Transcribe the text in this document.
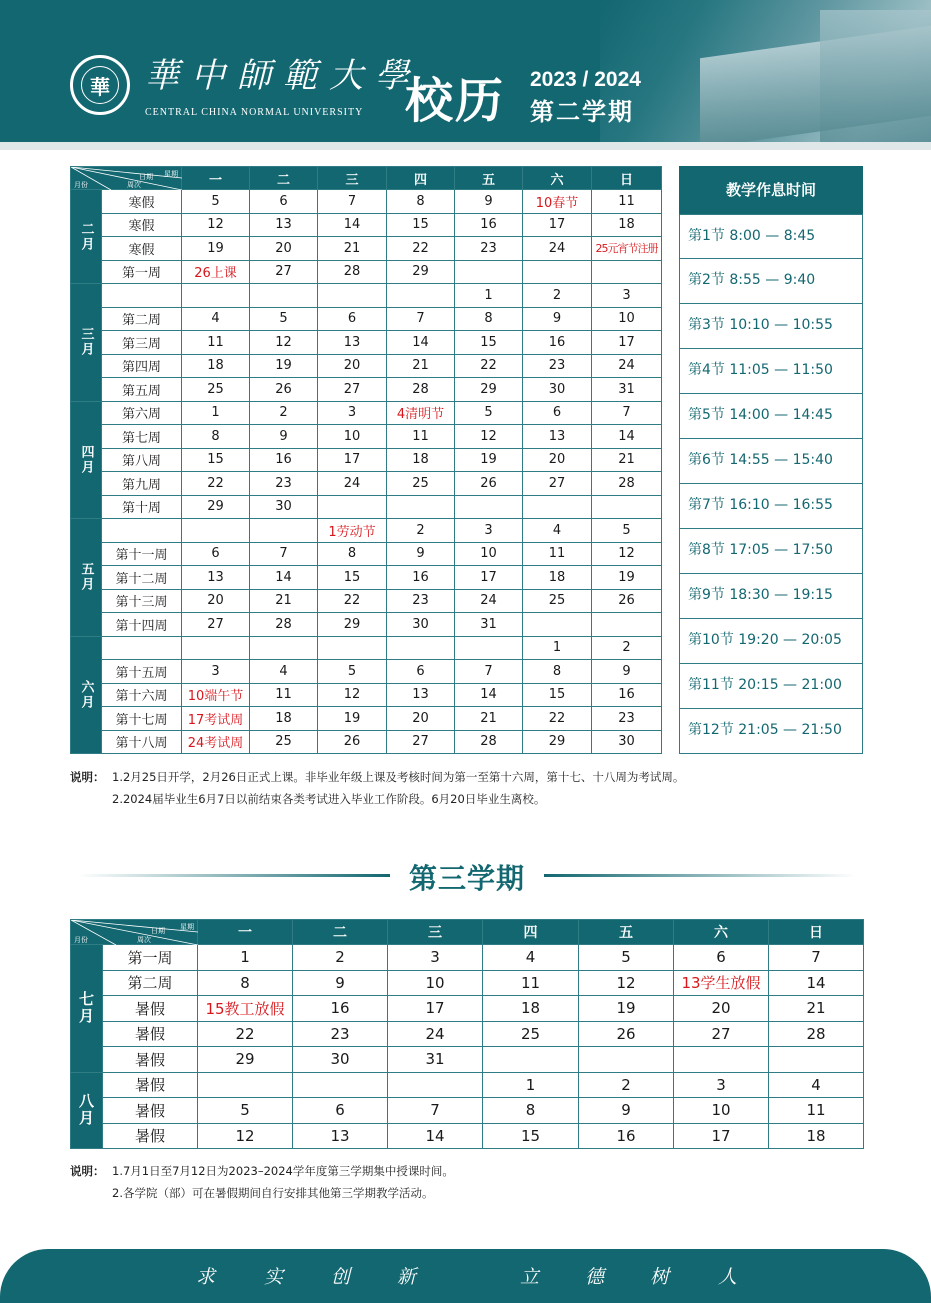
華	華中師範大學
CENTRAL CHINA NORMAL UNIVERSITY 校历 2023 / 2024
第二学期
星期
日期
周次
月份		一	二	三	四	五	六	日
二月	寒假	5	6	7	8	9	10春节	11
	寒假	12	13	14	15	16	17	18
	寒假	19	20	21	22	23	24	25元宵节注册
	第一周	26上课	27	28	29			
三月						1	2	3
	第二周	4	5	6	7	8	9	10
	第三周	11	12	13	14	15	16	17
	第四周	18	19	20	21	22	23	24
	第五周	25	26	27	28	29	30	31
四月	第六周	1	2	3	4清明节	5	6	7
	第七周	8	9	10	11	12	13	14
	第八周	15	16	17	18	19	20	21
	第九周	22	23	24	25	26	27	28
	第十周	29	30					
五月				1劳动节	2	3	4	5
	第十一周	6	7	8	9	10	11	12
	第十二周	13	14	15	16	17	18	19
	第十三周	20	21	22	23	24	25	26
	第十四周	27	28	29	30	31		
六月							1	2
	第十五周	3	4	5	6	7	8	9
	第十六周	10端午节	11	12	13	14	15	16
	第十七周	17考试周	18	19	20	21	22	23
	第十八周	24考试周	25	26	27	28	29	30
教学作息时间
第1节 8:00 — 8:45
第2节 8:55 — 9:40
第3节 10:10 — 10:55
第4节 11:05 — 11:50
第5节 14:00 — 14:45
第6节 14:55 — 15:40
第7节 16:10 — 16:55
第8节 17:05 — 17:50
第9节 18:30 — 19:15
第10节 19:20 — 20:05
第11节 20:15 — 21:00
第12节 21:05 — 21:50
说明： 1.2月25日开学，2月26日正式上课。非毕业年级上课及考核时间为第一至第十六周，第十七、十八周为考试周。
2.2024届毕业生6月7日以前结束各类考试进入毕业工作阶段。6月20日毕业生离校。
第三学期
星期
日期
周次
月份		一	二	三	四	五	六	日
七月	第一周	1	2	3	4	5	6	7
	第二周	8	9	10	11	12	13学生放假	14
	暑假	15教工放假	16	17	18	19	20	21
	暑假	22	23	24	25	26	27	28
	暑假	29	30	31				
八月	暑假				1	2	3	4
	暑假	5	6	7	8	9	10	11
	暑假	12	13	14	15	16	17	18
说明： 1.7月1日至7月12日为2023–2024学年度第三学期集中授课时间。
2.各学院（部）可在暑假期间自行安排其他第三学期教学活动。
求	实	创 新	立 德 树	人
